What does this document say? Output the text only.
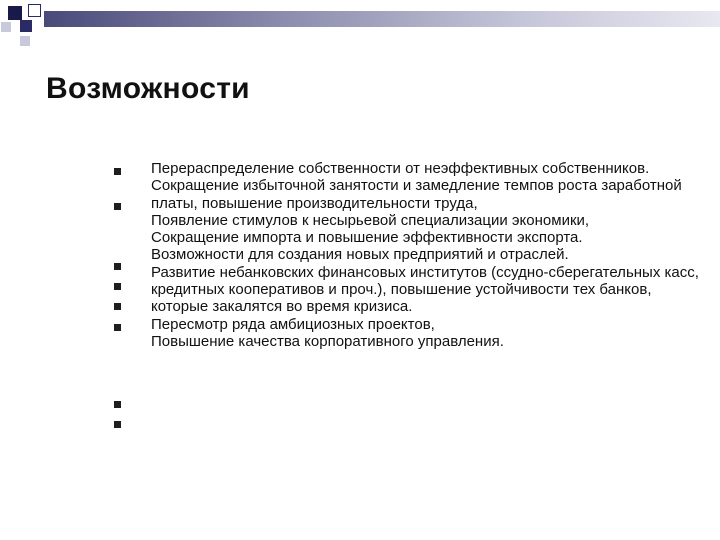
Возможности

Перераспределение собственности от неэффективных собственников.

Сокращение избыточной занятости и замедление темпов роста заработной платы, повышение производительности труда,

Появление стимулов к несырьевой специализации экономики,

Сокращение импорта и повышение эффективности экспорта.

Возможности для создания новых предприятий и отраслей.

Развитие небанковских финансовых институтов (ссудно-сберегательных касс, кредитных кооперативов и проч.), повышение устойчивости тех банков, которые закалятся во время кризиса.

Пересмотр ряда амбициозных проектов,

Повышение качества корпоративного управления.
